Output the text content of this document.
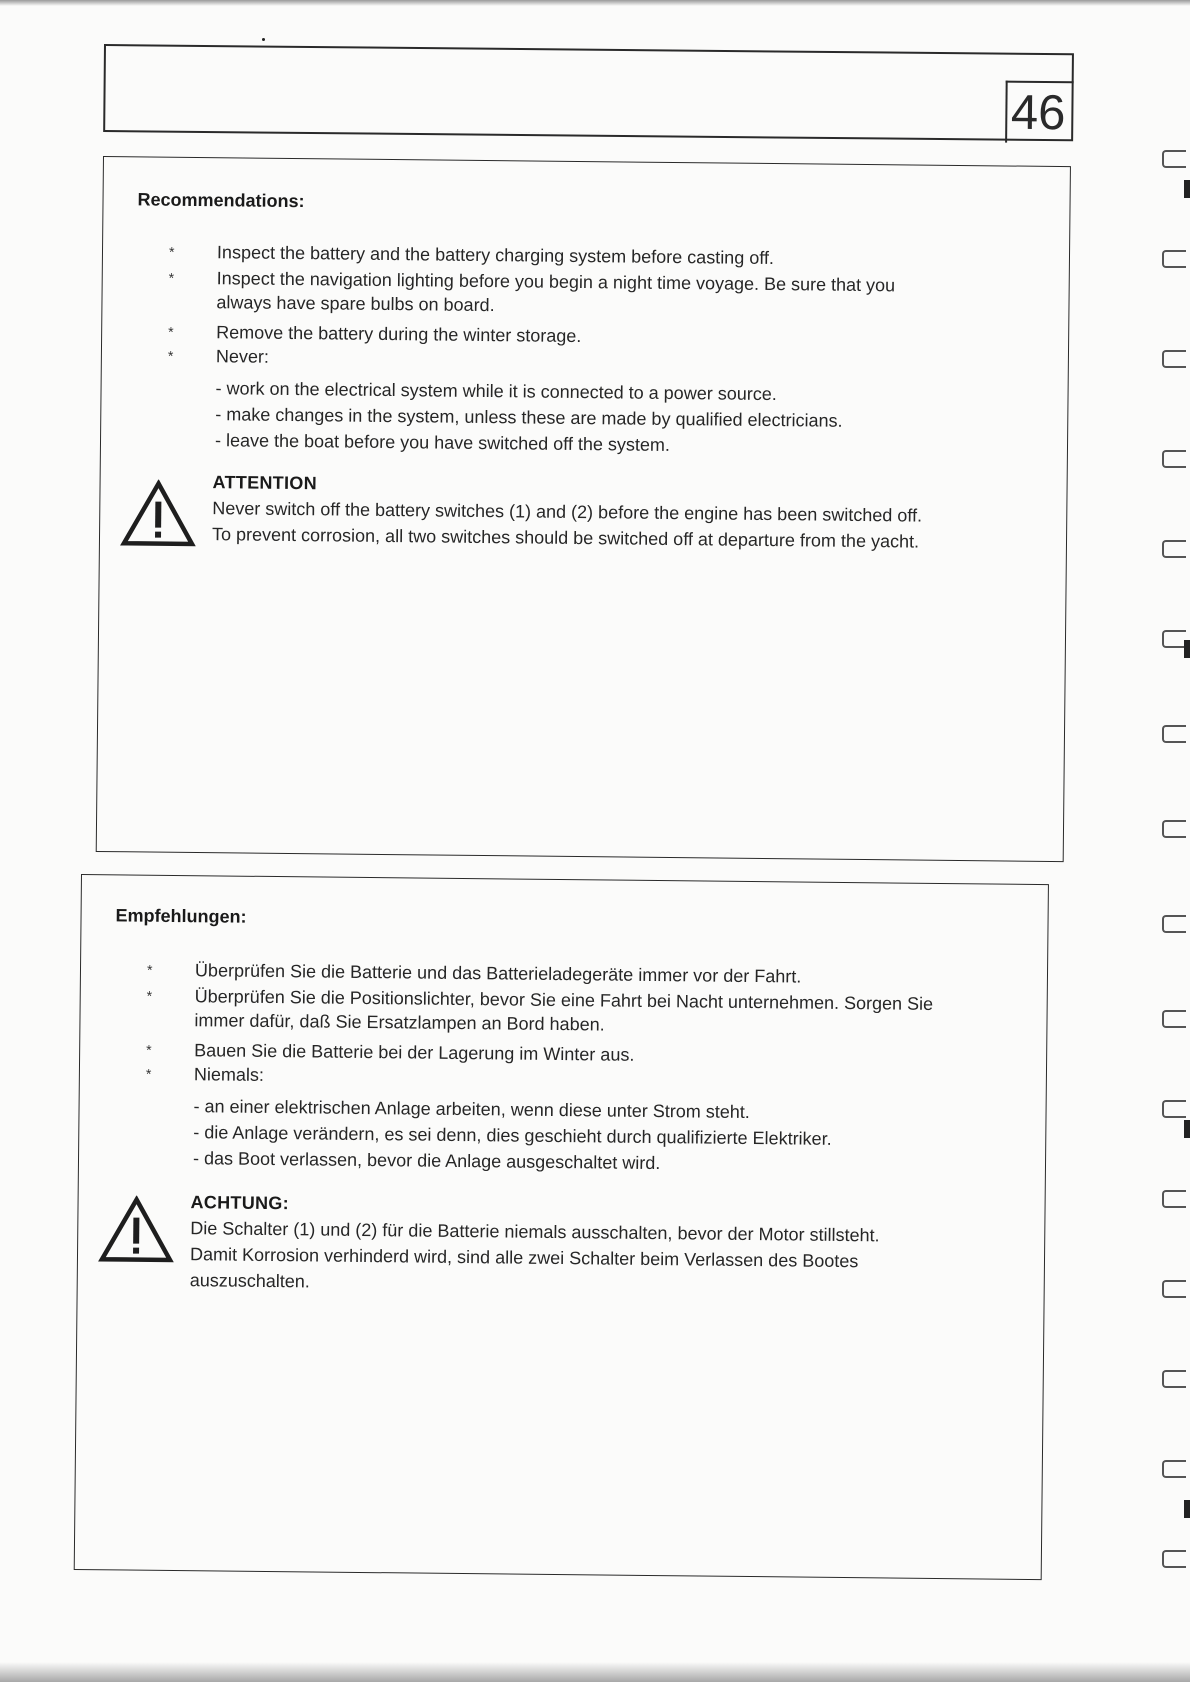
46
Recommendations:
* Inspect the battery and the battery charging system before casting off.
* Inspect the navigation lighting before you begin a night time voyage. Be sure that you
always have spare bulbs on board.
* Remove the battery during the winter storage.
* Never:
- work on the electrical system while it is connected to a power source.
- make changes in the system, unless these are made by qualified electricians.
- leave the boat before you have switched off the system.
ATTENTION
Never switch off the battery switches (1) and (2) before the engine has been switched off.
To prevent corrosion, all two switches should be switched off at departure from the yacht.
Empfehlungen:
* Überprüfen Sie die Batterie und das Batterieladegeräte immer vor der Fahrt.
* Überprüfen Sie die Positionslichter, bevor Sie eine Fahrt bei Nacht unternehmen. Sorgen Sie
immer dafür, daß Sie Ersatzlampen an Bord haben.
* Bauen Sie die Batterie bei der Lagerung im Winter aus.
* Niemals:
- an einer elektrischen Anlage arbeiten, wenn diese unter Strom steht.
- die Anlage verändern, es sei denn, dies geschieht durch qualifizierte Elektriker.
- das Boot verlassen, bevor die Anlage ausgeschaltet wird.
ACHTUNG:
Die Schalter (1) und (2) für die Batterie niemals ausschalten, bevor der Motor stillsteht.
Damit Korrosion verhinderd wird, sind alle zwei Schalter beim Verlassen des Bootes
auszuschalten.
